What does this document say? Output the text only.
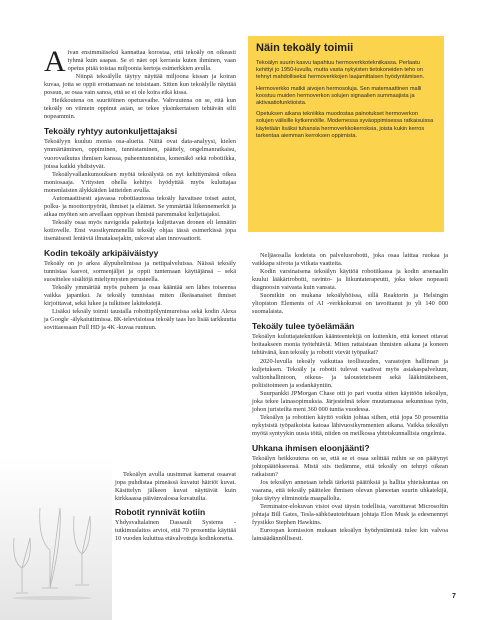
Aivan ensimmäiseksi kannattaa korostaa, että tekoäly on oikeasti tyhmä kuin saapas. Se ei näet opi kerrasta kuten ihminen, vaan opetus pitää toistaa miljoonia kertoja esimerkkien avulla.

Niinpä tekoälylle täytyy näyttää miljoona kissan ja koiran kuvaa, jotta se oppii erottamaan ne toisistaan. Sitten kun tekoälylle näyttää possun, se osaa vain sanoa, että se ei ole koira eikä kissa.

Heikkoutena on suuritöinen opetusvaihe. Vahvuutena on se, että kun tekoäly on viimein oppinut asian, se tekee yksinkertaisen tehtävän silti nopeammin.

Tekoäly ryhtyy autonkuljettajaksi

Tekoälyyn kuuluu monia osa-alueita. Näitä ovat data-analyysi, kielen ymmärtäminen, oppiminen, tunnistaminen, päättely, ongelmanratkaisu, vuorovaikutus ihmisen kanssa, puheentunnistus, konenäkö sekä robotiikka, joissa kaikki yhdistyvät.

Tekoälyvallankumouksen myötä tekoälystä on nyt kehittymässä oikea moniosaaja. Yritysten ohella kehitys hyödyttää myös kuluttajaa monenlaisten älykkäiden laitteiden avulla.

Automaattisesti ajavassa robottiautossa tekoäly havaitsee toiset autot, polku- ja moottoripyörät, ihmiset ja eläimet. Se ymmärtää liikennemerkit ja aikaa myöten sen arvellaan oppivan ihmistä paremmaksi kuljettajaksi.

Tekoäly osaa myös navigoida paketteja kuljettavan dronen eli lennätin kotiovelle. Ensi vuosikymmenellä tekoäly ohjaa tässä esimerkissä jopa itsenäisesti lentäviä ilmataksejakin, uskovat alan innovaattorit.

Kodin tekoäly arkipäiväistyy

Tekoäly on jo arkea älypuhelimissa ja nettipalveluissa. Näissä tekoäly tunnistaa kasvot, sormenjäljet ja oppii tuntemaan käyttäjänsä – sekä suosittelee sisältöjä mieltymysten perusteella.

Tekoäly ymmärtää myös puheen ja osaa kääntää sen lähes toiseensa vaikka japaniksi. Ja tekoäly tunnistaa miten ilkeäsanaiset ihmiset kirjoittavat, sekä lukee ja tulkitsee lakitekstejä.

Lisäksi tekoäly toimii taustalla robottipölynimureissa sekä kodin Alexa ja Google -älykaiuttimissa. 8K-televisioissa tekoäly taas luo lisää tarkkuutta sovittaessaan Full HD ja 4K -kuvaa ruutuun.

Tekoälyn avulla uusimmat kamerat osaavat jopa puhdistaa pimeässä kuvatut häiriöt kuvat. Käsittelyn jälkeen kuvat näyttävät kuin kirkkaassa päivänvalossa kuvatuilta.

Robotit rynnivät kotiin

Yhdysvaltalainen Dassault Systems -tutkimuslaitos arvioi, että 70 prosenttia käyttää 10 vuoden kuluttua etävalvottuja kodinkoneita.

Näin tekoäly toimii

Tekoälyn suurin kasvu tapahtuu hermoverkkotekniikassa. Perlaatu kehittyi jo 1950-luvulla, mutta vasta nykyisten tietokoneiden teho on tehnyt mahdolliseksi hermoverkkojen laajamittaisen hyödyntämisen.

Hermoverkko matkii aivojen hermosoluja. Sen matemaattinen malli koostuu muiden hermoverkon solujen signaalien summaajista ja aktivaatiofunktioista.

Opetuksen aikana tekniikka muodostaa painotukset hermoverkon solujen välisille kytkennöille. Modernessa syväoppimisessa ratkaisuissa käytetään lisäksi tuhansia hermoverkkokerroksia, joista kukin kerros tarkentaa aiemman kerroksen oppimista.

Neljäsosalla kodeista on palvelusrobotti, joka osaa laittaa ruokaa ja vaikkapa siivota ja viikata vaatteita.

Kodin varsinaisena tekoälyn käyttöä robotiikassa ja kodin arsenaalin kuului lääkärirobotti, ravinto- ja liikuntaterapeutti, joka tekee nopeasti diagnoosin vaivasta kuin vanssta.

Suomikin on mukana tekoälyhöissa, sillä Reaktorin ja Helsingin yliopiston Elements of AI -verkkokurssi on tavoittanut jo yli 140 000 suomalaista.

Tekoäly tulee työelämään

Tekoälyn kuluttajatekniikan käänteentekijä on kuitenkin, että koneet ottavat hoitaakseen monia työtehtäviä. Miten rattaistaan ihmisten aikana ja koneen tehtävänä, kun tekoäly ja robotit vievät työpaikat?

2020-luvulla tekoäly vaikuttaa teollisuuden, varastojen hallinnan ja kuljetuksen. Tekoäly ja robotit tulevat vaativat myös asiakaspalveluun, valtionhallintoon, oikeus- ja talousteteiseen sekä lääkintäteiseen, poliisitoimeen ja sodankäyntiin.

Suurpankki JPMorgan Chase otti jo pari vuotta sitten käyttöön tekoälyn, joka tekee lainasopimuksia. Järjestelmä tekee muutamassa sekunnissa työn, johon juristeilta meni 360 000 tuntia vuodessa.

Tekoälyn ja robottien käyttö voikin johtaa siihen, että jopa 50 prosenttia nykyisistä työpaikoista katoaa lähivuosikymmenien aikana. Vaikka tekoälyn myötä syntyykin uusia töitä, niiden on meilkossa yhteiskunnallisia ongelmia.

Uhkana ihmisen eloonjäänti?

Tekoälyn heikkoutena on se, että se ei osaa selittää mihin se on päätynyt johtopäätökseensä. Mistä siis tiedämme, että tekoäly on tehnyt oikean ratkaisun?

Jos tekoälyn annetaan tehdä tärkeitä päätöksiä ja hallita yhteiskuntaa on vaarana, että tekoäly päättelee ihmisen olevan planeetan suurin uhkatekijä, joka täytyy eliminoida maapallolta.

Terminator-elokuvan visiot ovat täysin todellisia, varoittavat Microsoftin johtaja Bill Gates, Tesla-sähköautotehtaan johtaja Elon Musk ja edesmennyt fyysikko Stephen Hawkins.

Euroopan komission mukaan tekoälyn hyödyntämistä tulee kin valvoa lainsäädännöllisesti.

7
